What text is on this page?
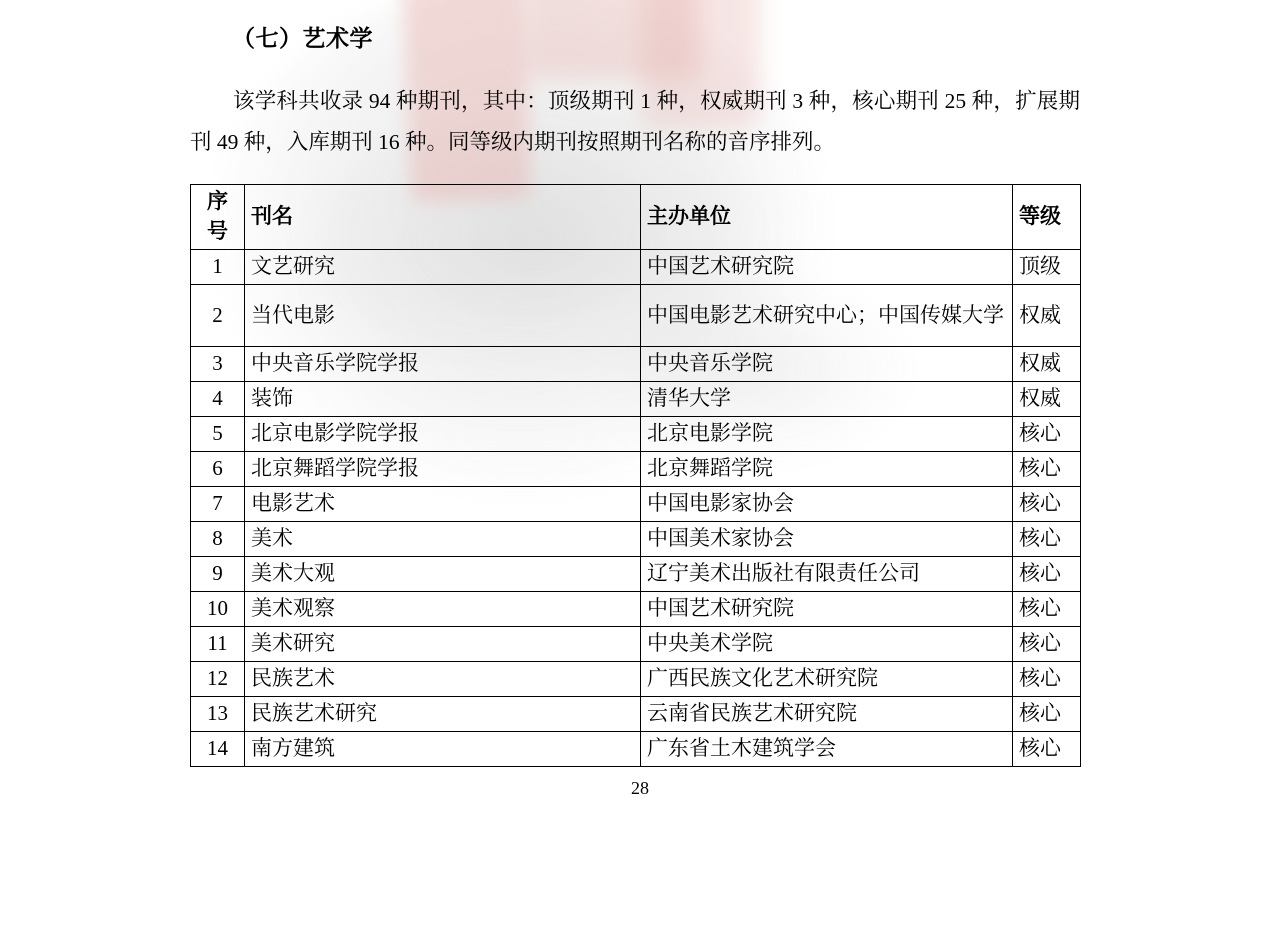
（七）艺术学
该学科共收录 94 种期刊，其中：顶级期刊 1 种，权威期刊 3 种，核心期刊 25 种，扩展期刊 49 种，入库期刊 16 种。同等级内期刊按照期刊名称的音序排列。
序号	刊名	主办单位	等级
1	文艺研究	中国艺术研究院	顶级
2	当代电影	中国电影艺术研究中心；中国传媒大学	权威
3	中央音乐学院学报	中央音乐学院	权威
4	装饰	清华大学	权威
5	北京电影学院学报	北京电影学院	核心
6	北京舞蹈学院学报	北京舞蹈学院	核心
7	电影艺术	中国电影家协会	核心
8	美术	中国美术家协会	核心
9	美术大观	辽宁美术出版社有限责任公司	核心
10	美术观察	中国艺术研究院	核心
11	美术研究	中央美术学院	核心
12	民族艺术	广西民族文化艺术研究院	核心
13	民族艺术研究	云南省民族艺术研究院	核心
14	南方建筑	广东省土木建筑学会	核心
28
